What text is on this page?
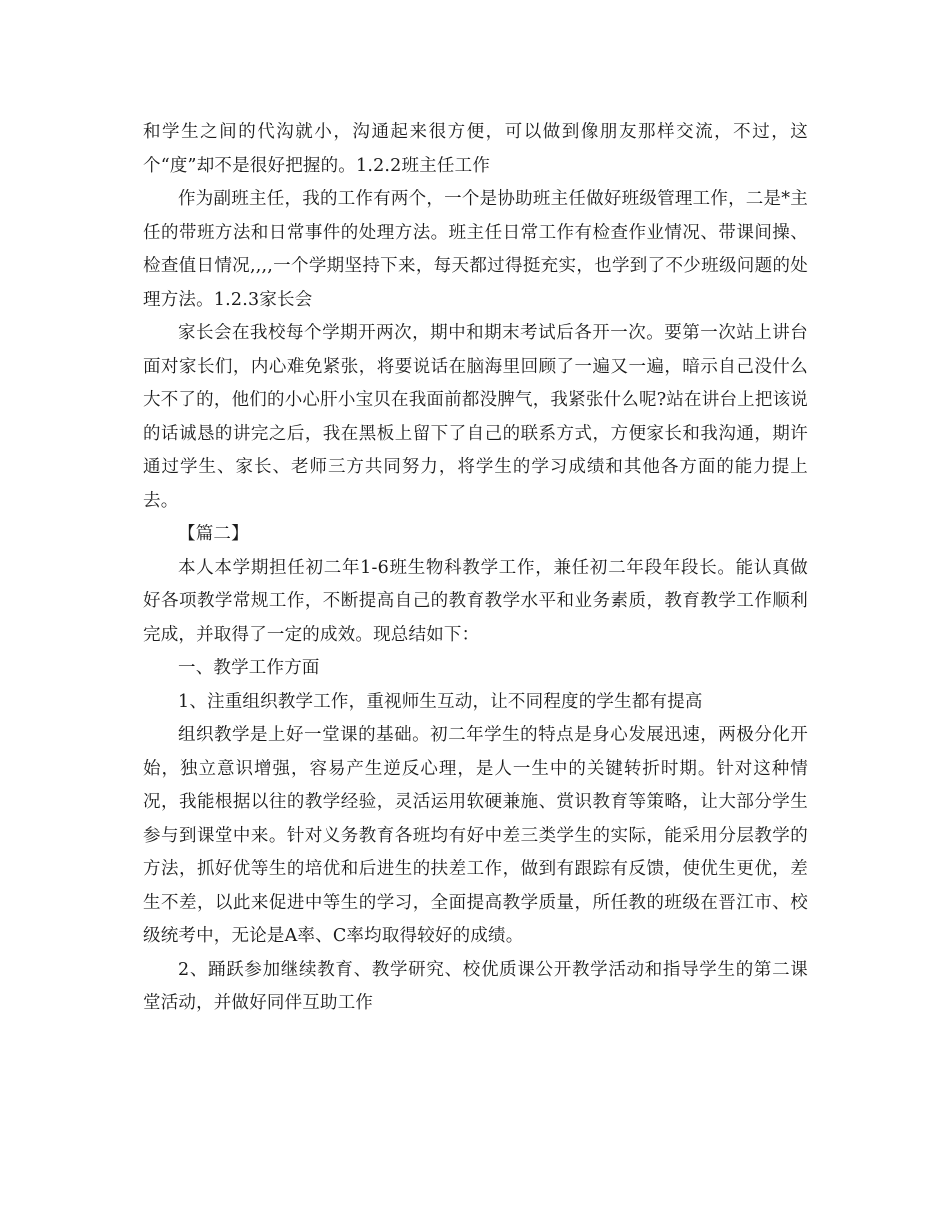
和学生之间的代沟就小，沟通起来很方便，可以做到像朋友那样交流，不过，这个“度”却不是很好把握的。1.2.2班主任工作

作为副班主任，我的工作有两个，一个是协助班主任做好班级管理工作，二是*主任的带班方法和日常事件的处理方法。班主任日常工作有检查作业情况、带课间操、检查值日情况,,,,一个学期坚持下来，每天都过得挺充实，也学到了不少班级问题的处理方法。1.2.3家长会

家长会在我校每个学期开两次，期中和期末考试后各开一次。要第一次站上讲台面对家长们，内心难免紧张，将要说话在脑海里回顾了一遍又一遍，暗示自己没什么大不了的，他们的小心肝小宝贝在我面前都没脾气，我紧张什么呢?站在讲台上把该说的话诚恳的讲完之后，我在黑板上留下了自己的联系方式，方便家长和我沟通，期许通过学生、家长、老师三方共同努力，将学生的学习成绩和其他各方面的能力提上去。

【篇二】

本人本学期担任初二年1-6班生物科教学工作，兼任初二年段年段长。能认真做好各项教学常规工作，不断提高自己的教育教学水平和业务素质，教育教学工作顺利完成，并取得了一定的成效。现总结如下：

一、教学工作方面

1、注重组织教学工作，重视师生互动，让不同程度的学生都有提高

组织教学是上好一堂课的基础。初二年学生的特点是身心发展迅速，两极分化开始，独立意识增强，容易产生逆反心理，是人一生中的关键转折时期。针对这种情况，我能根据以往的教学经验，灵活运用软硬兼施、赏识教育等策略，让大部分学生参与到课堂中来。针对义务教育各班均有好中差三类学生的实际，能采用分层教学的方法，抓好优等生的培优和后进生的扶差工作，做到有跟踪有反馈，使优生更优，差生不差，以此来促进中等生的学习，全面提高教学质量，所任教的班级在晋江市、校级统考中，无论是A率、C率均取得较好的成绩。

2、踊跃参加继续教育、教学研究、校优质课公开教学活动和指导学生的第二课堂活动，并做好同伴互助工作
